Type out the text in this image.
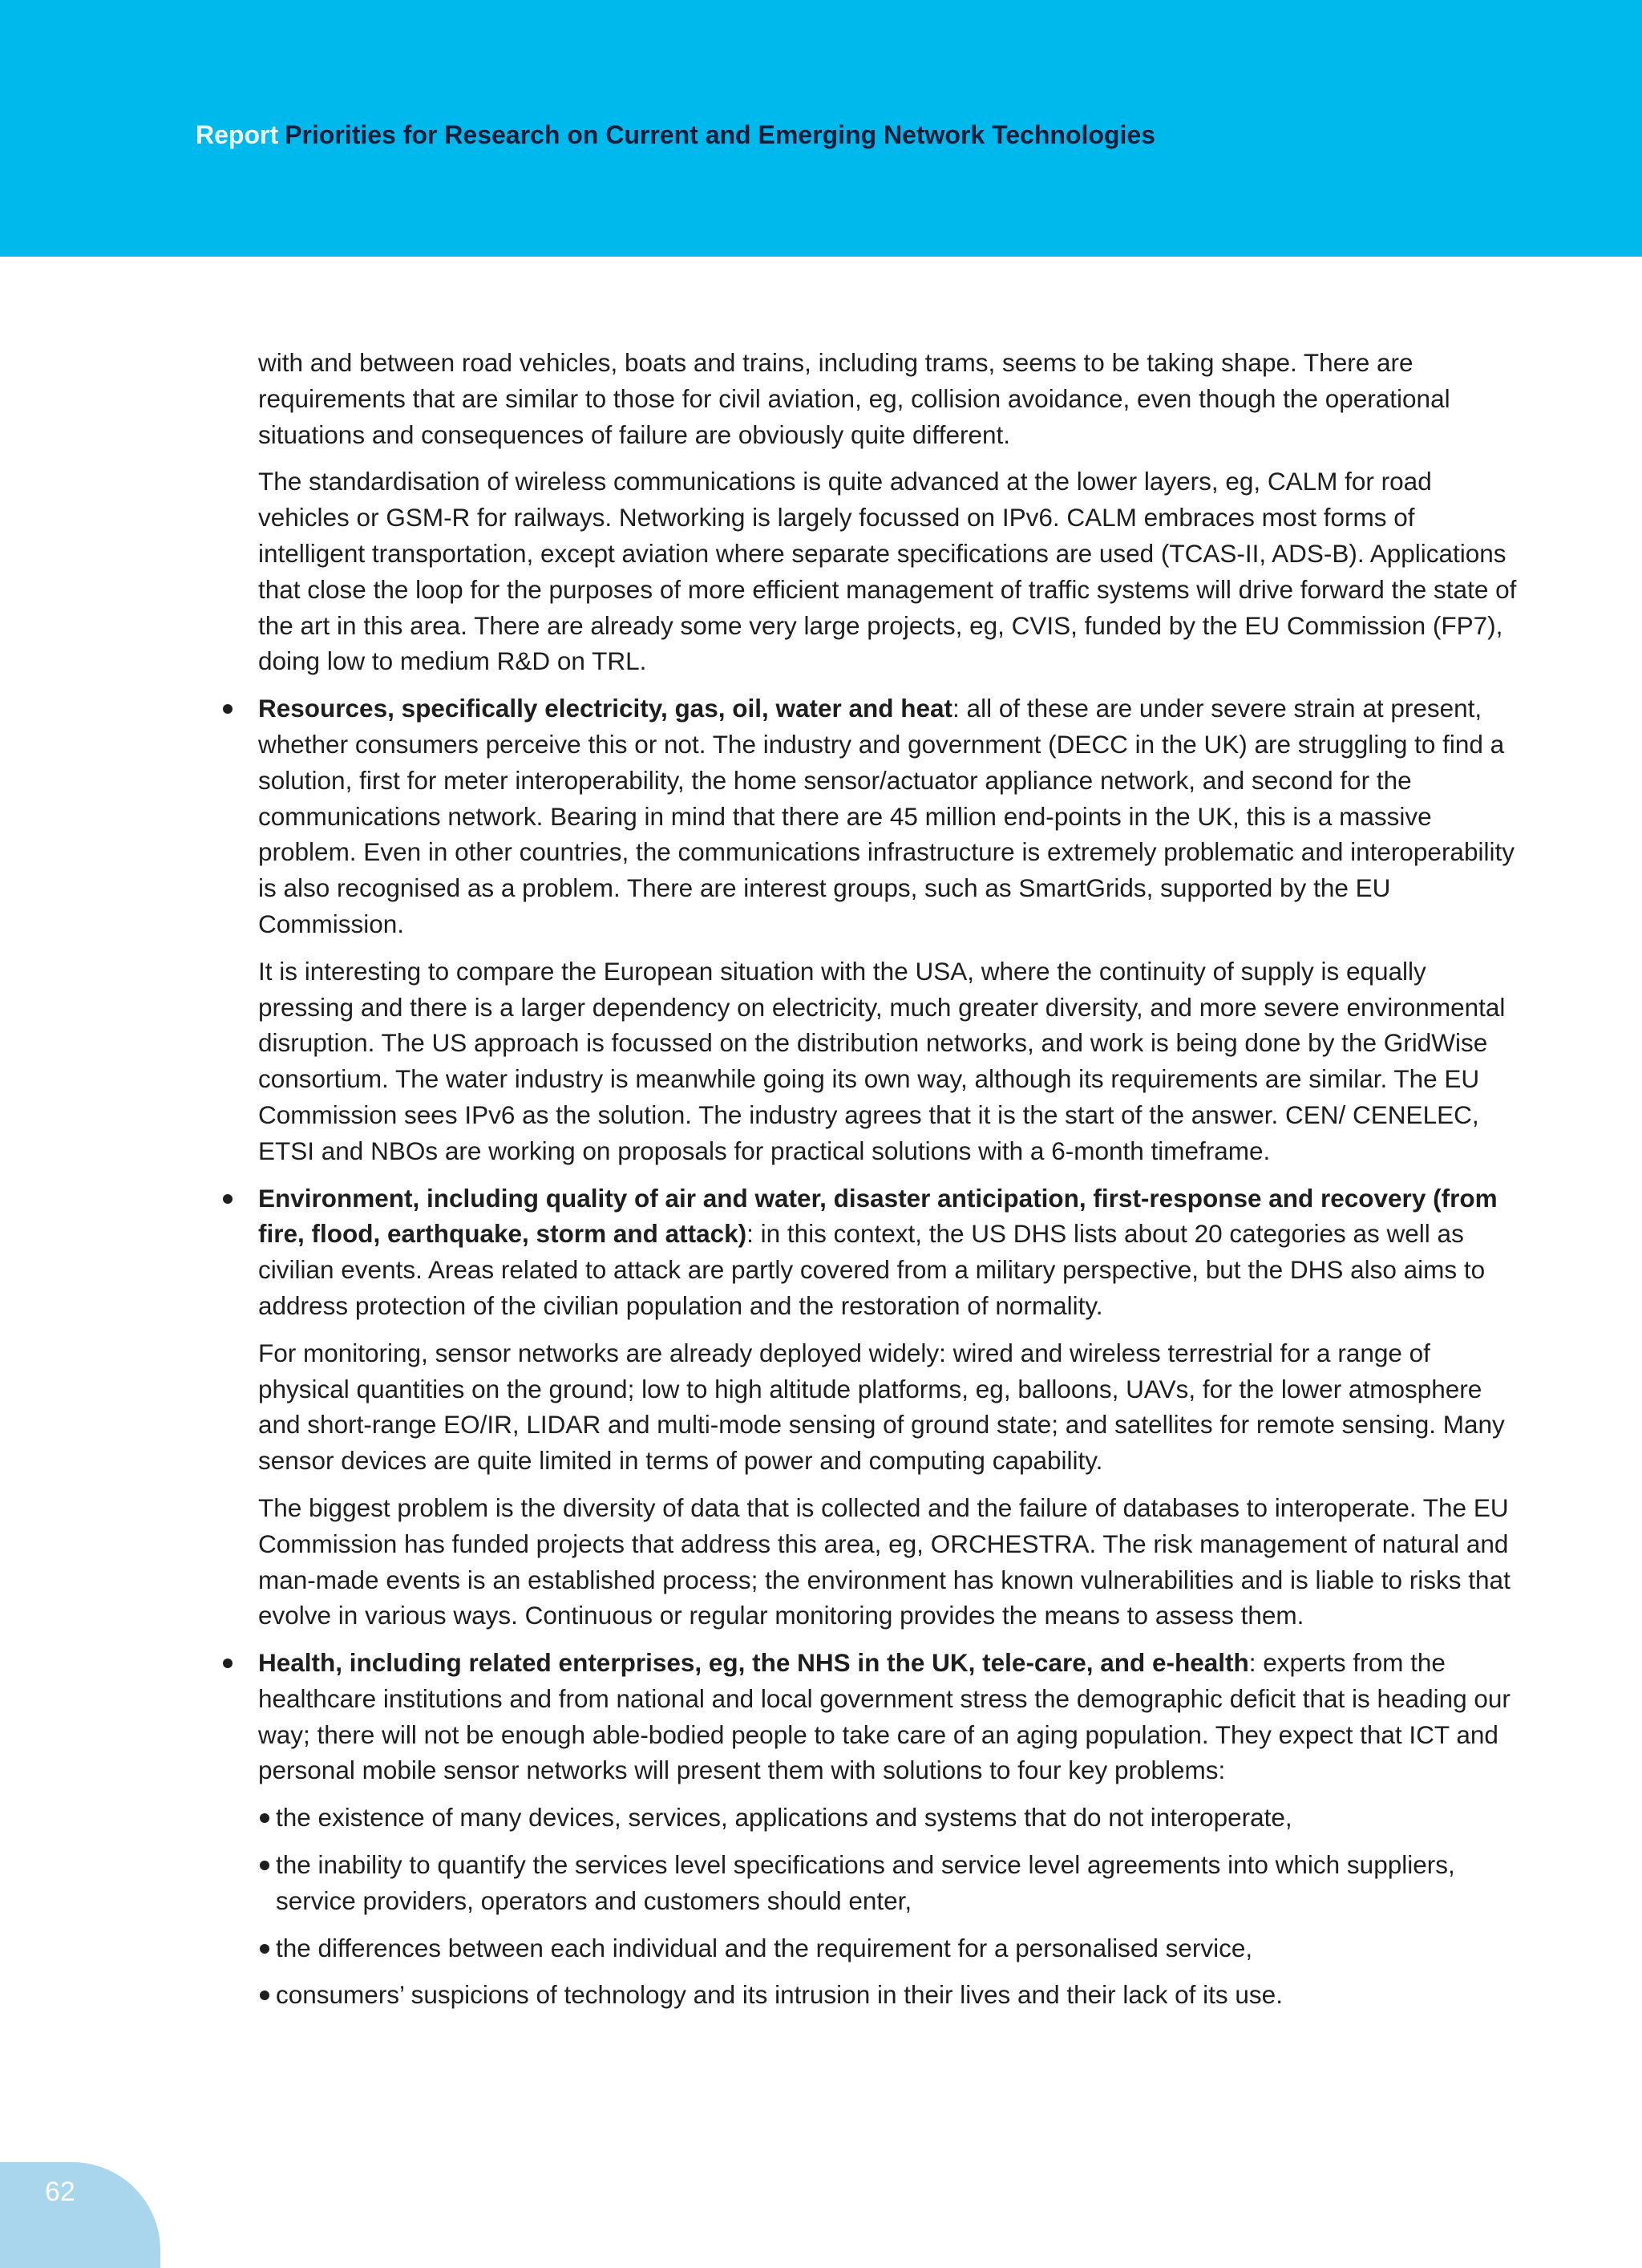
Report Priorities for Research on Current and Emerging Network Technologies

with and between road vehicles, boats and trains, including trams, seems to be taking shape. There are requirements that are similar to those for civil aviation, eg, collision avoidance, even though the operational situations and consequences of failure are obviously quite different.

The standardisation of wireless communications is quite advanced at the lower layers, eg, CALM for road vehicles or GSM-R for railways. Networking is largely focussed on IPv6. CALM embraces most forms of intelligent transportation, except aviation where separate specifications are used (TCAS-II, ADS-B). Applications that close the loop for the purposes of more efficient management of traffic systems will drive forward the state of the art in this area. There are already some very large projects, eg, CVIS, funded by the EU Commission (FP7), doing low to medium R&D on TRL.

Resources, specifically electricity, gas, oil, water and heat: all of these are under severe strain at present, whether consumers perceive this or not. The industry and government (DECC in the UK) are struggling to find a solution, first for meter interoperability, the home sensor/actuator appliance network, and second for the communications network. Bearing in mind that there are 45 million end-points in the UK, this is a massive problem. Even in other countries, the communications infrastructure is extremely problematic and interoperability is also recognised as a problem. There are interest groups, such as SmartGrids, supported by the EU Commission.

It is interesting to compare the European situation with the USA, where the continuity of supply is equally pressing and there is a larger dependency on electricity, much greater diversity, and more severe environmental disruption. The US approach is focussed on the distribution networks, and work is being done by the GridWise consortium. The water industry is meanwhile going its own way, although its requirements are similar. The EU Commission sees IPv6 as the solution. The industry agrees that it is the start of the answer. CEN/ CENELEC, ETSI and NBOs are working on proposals for practical solutions with a 6-month timeframe.

Environment, including quality of air and water, disaster anticipation, first-response and recovery (from fire, flood, earthquake, storm and attack): in this context, the US DHS lists about 20 categories as well as civilian events. Areas related to attack are partly covered from a military perspective, but the DHS also aims to address protection of the civilian population and the restoration of normality.

For monitoring, sensor networks are already deployed widely: wired and wireless terrestrial for a range of physical quantities on the ground; low to high altitude platforms, eg, balloons, UAVs, for the lower atmosphere and short-range EO/IR, LIDAR and multi-mode sensing of ground state; and satellites for remote sensing. Many sensor devices are quite limited in terms of power and computing capability.

The biggest problem is the diversity of data that is collected and the failure of databases to interoperate. The EU Commission has funded projects that address this area, eg, ORCHESTRA. The risk management of natural and man-made events is an established process; the environment has known vulnerabilities and is liable to risks that evolve in various ways. Continuous or regular monitoring provides the means to assess them.

Health, including related enterprises, eg, the NHS in the UK, tele-care, and e-health: experts from the healthcare institutions and from national and local government stress the demographic deficit that is heading our way; there will not be enough able-bodied people to take care of an aging population. They expect that ICT and personal mobile sensor networks will present them with solutions to four key problems:

the existence of many devices, services, applications and systems that do not interoperate,

the inability to quantify the services level specifications and service level agreements into which suppliers, service providers, operators and customers should enter,

the differences between each individual and the requirement for a personalised service,

consumers’ suspicions of technology and its intrusion in their lives and their lack of its use.

62
